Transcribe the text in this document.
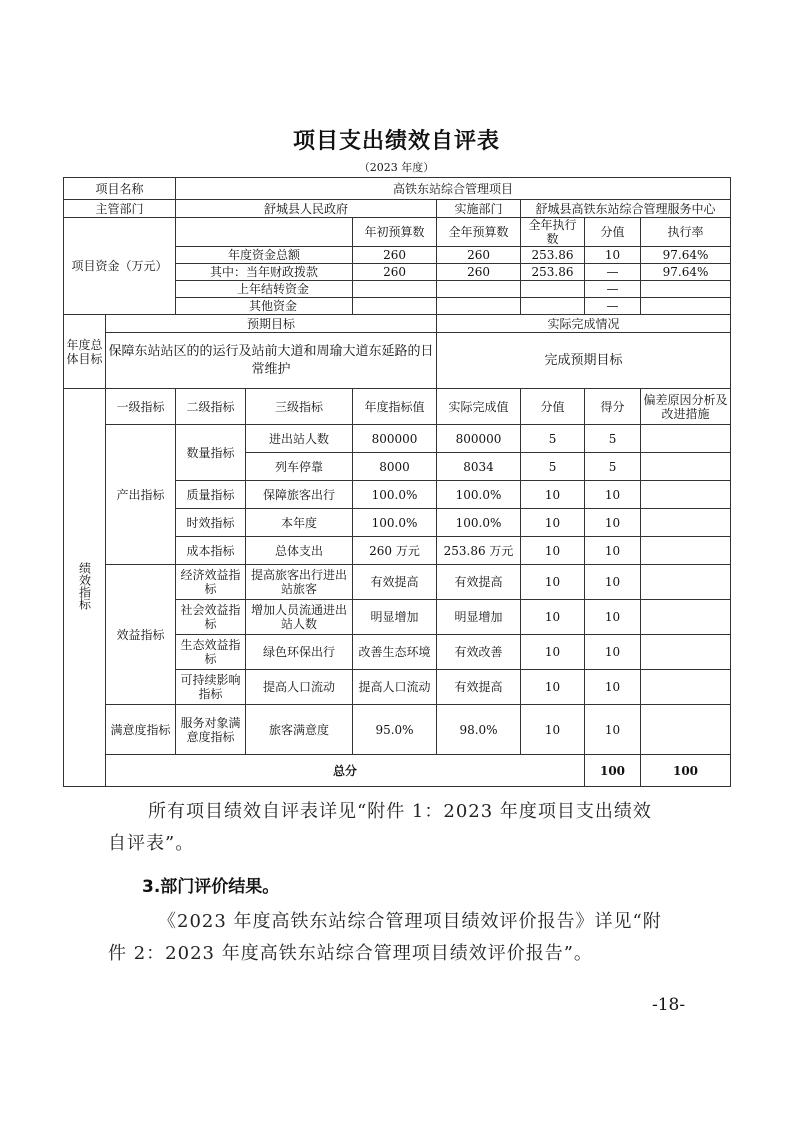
项目支出绩效自评表
（2023 年度）
项目名称		高铁东站综合管理项目							
主管部门		舒城县人民政府			实施部门	舒城县高铁东站综合管理服务中心			
项目资金（万元）				年初预算数	全年预算数	全年执行数	分值	执行率	
		年度资金总额		260	260	253.86	10	97.64%	
		其中：当年财政拨款		260	260	253.86	—	97.64%	
		上年结转资金					—		
		其他资金					—		
年度总体目标	预期目标				实际完成情况				
	保障东站站区的的运行及站前大道和周瑜大道东延路的日常维护				完成预期目标				
绩效指标	一级指标	二级指标	三级指标	年度指标值	实际完成值	分值	得分	偏差原因分析及改进措施	
	产出指标	数量指标	进出站人数	800000	800000	5	5		
			列车停靠	8000	8034	5	5		
		质量指标	保障旅客出行	100.0%	100.0%	10	10		
		时效指标	本年度	100.0%	100.0%	10	10		
		成本指标	总体支出	260 万元	253.86 万元	10	10		
	效益指标	经济效益指标	提高旅客出行进出站旅客	有效提高	有效提高	10	10		
		社会效益指标	增加人员流通进出站人数	明显增加	明显增加	10	10		
		生态效益指标	绿色环保出行	改善生态环境	有效改善	10	10		
		可持续影响指标	提高人口流动	提高人口流动	有效提高	10	10		
	满意度指标	服务对象满意度指标	旅客满意度	95.0%	98.0%	10	10		
	总分						100	100	
所有项目绩效自评表详见“附件 1：2023 年度项目支出绩效
自评表”。
3.部门评价结果。
《2023 年度高铁东站综合管理项目绩效评价报告》详见“附
件 2：2023 年度高铁东站综合管理项目绩效评价报告”。
-18-
